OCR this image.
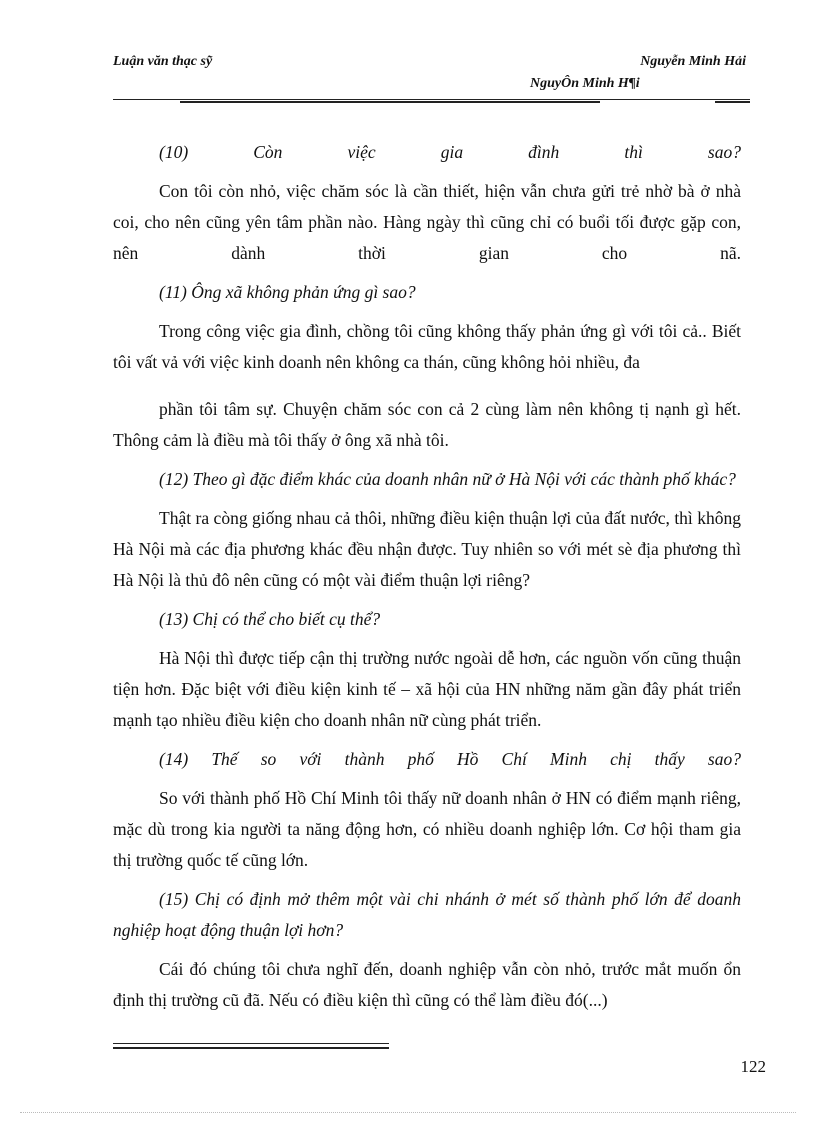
Luận văn thạc sỹ	Nguyễn Minh Hải
NguyÔn Minh H¶i

(10) Còn việc gia đình thì sao?

Con tôi còn nhỏ, việc chăm sóc là cần thiết, hiện vẫn chưa gửi trẻ nhờ bà ở nhà coi, cho nên cũng yên tâm phần nào. Hàng ngày thì cũng chỉ có buổi tối được gặp con, nên dành thời gian cho nã.

(11) Ông xã không phản ứng gì sao?

Trong công việc gia đình, chồng tôi cũng không thấy phản ứng gì với tôi cả.. Biết tôi vất vả với việc kinh doanh nên không ca thán, cũng không hỏi nhiều, đa

phần tôi tâm sự. Chuyện chăm sóc con cả 2 cùng làm nên không tị nạnh gì hết. Thông cảm là điều mà tôi thấy ở ông xã nhà tôi.

(12) Theo gì đặc điểm khác của doanh nhân nữ ở Hà Nội với các thành phố khác?

Thật ra còng giống nhau cả thôi, những điều kiện thuận lợi của đất nước, thì không Hà Nội mà các địa phương khác đều nhận được. Tuy nhiên so với mét sè địa phương thì Hà Nội là thủ đô nên cũng có một vài điểm thuận lợi riêng?

(13) Chị có thể cho biết cụ thể?

Hà Nội thì được tiếp cận thị trường nước ngoài dễ hơn, các nguồn vốn cũng thuận tiện hơn. Đặc biệt với điều kiện kinh tế – xã hội của HN những năm gần đây phát triển mạnh tạo nhiều điều kiện cho doanh nhân nữ cùng phát triển.

(14) Thế so với thành phố Hồ Chí Minh chị thấy sao?

So với thành phố Hồ Chí Minh tôi thấy nữ doanh nhân ở HN có điểm mạnh riêng, mặc dù trong kia người ta năng động hơn, có nhiều doanh nghiệp lớn. Cơ hội tham gia thị trường quốc tế cũng lớn.

(15) Chị có định mở thêm một vài chi nhánh ở mét số thành phố lớn để doanh nghiệp hoạt động thuận lợi hơn?

Cái đó chúng tôi chưa nghĩ đến, doanh nghiệp vẫn còn nhỏ, trước mắt muốn ổn định thị trường cũ đã. Nếu có điều kiện thì cũng có thể làm điều đó(...)

122
